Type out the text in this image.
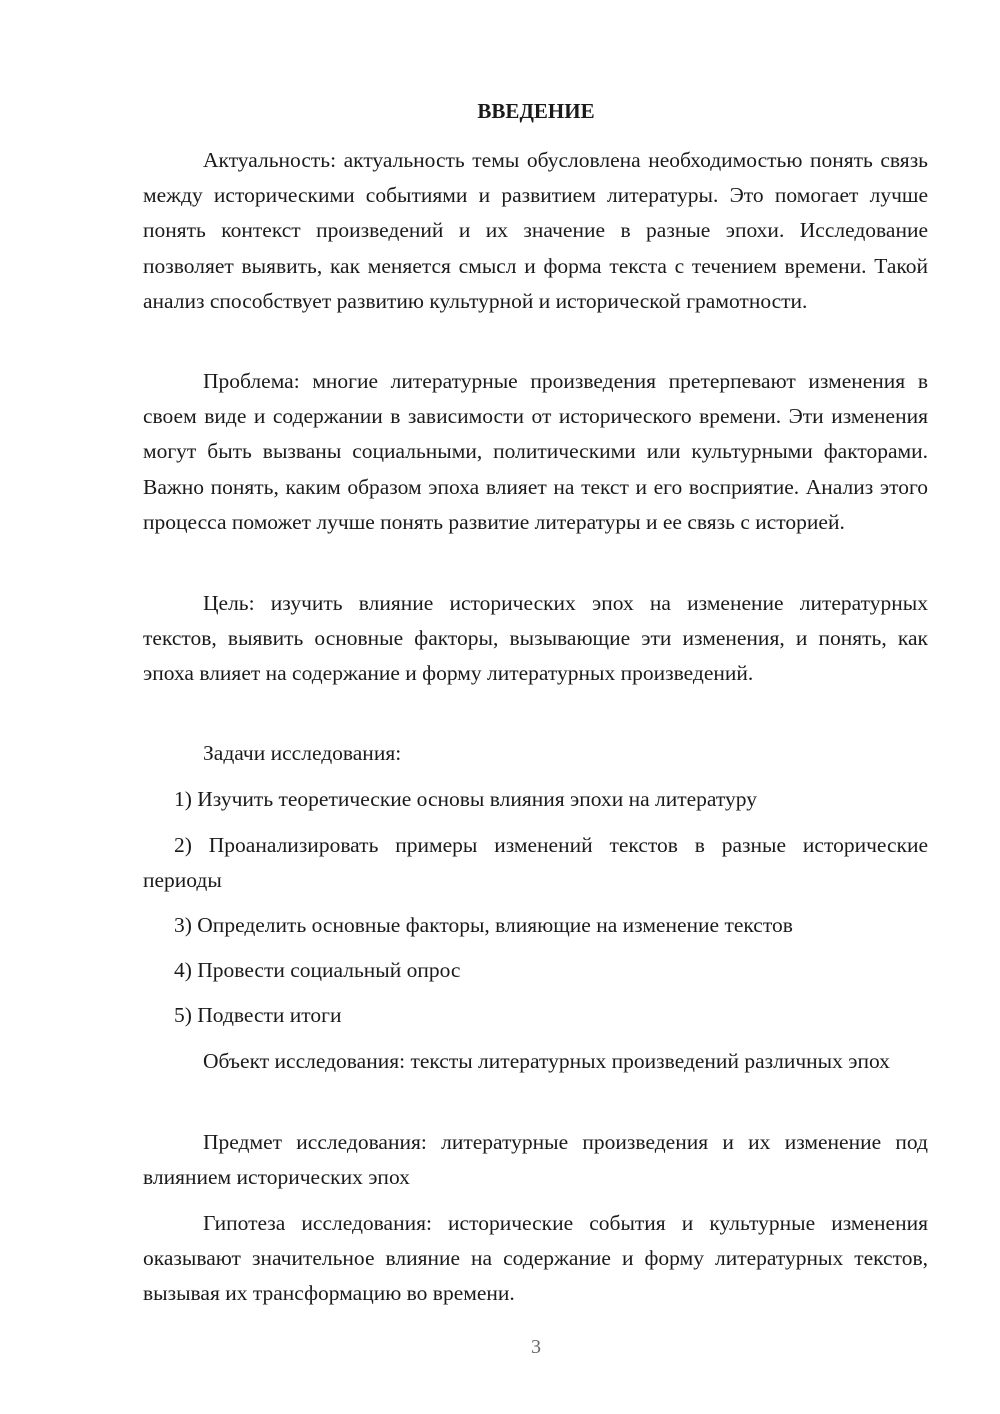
ВВЕДЕНИЕ

Актуальность: актуальность темы обусловлена необходимостью понять связь между историческими событиями и развитием литературы. Это помогает лучше понять контекст произведений и их значение в разные эпохи. Исследование позволяет выявить, как меняется смысл и форма текста с течением времени. Такой анализ способствует развитию культурной и исторической грамотности.

Проблема: многие литературные произведения претерпевают изменения в своем виде и содержании в зависимости от исторического времени. Эти изменения могут быть вызваны социальными, политическими или культурными факторами. Важно понять, каким образом эпоха влияет на текст и его восприятие. Анализ этого процесса поможет лучше понять развитие литературы и ее связь с историей.

Цель: изучить влияние исторических эпох на изменение литературных текстов, выявить основные факторы, вызывающие эти изменения, и понять, как эпоха влияет на содержание и форму литературных произведений.

Задачи исследования:

1) Изучить теоретические основы влияния эпохи на литературу

2) Проанализировать примеры изменений текстов в разные исторические периоды

3) Определить основные факторы, влияющие на изменение текстов

4) Провести социальный опрос

5) Подвести итоги

Объект исследования: тексты литературных произведений различных эпох

Предмет исследования: литературные произведения и их изменение под влиянием исторических эпох

Гипотеза исследования: исторические события и культурные изменения оказывают значительное влияние на содержание и форму литературных текстов, вызывая их трансформацию во времени.

3
